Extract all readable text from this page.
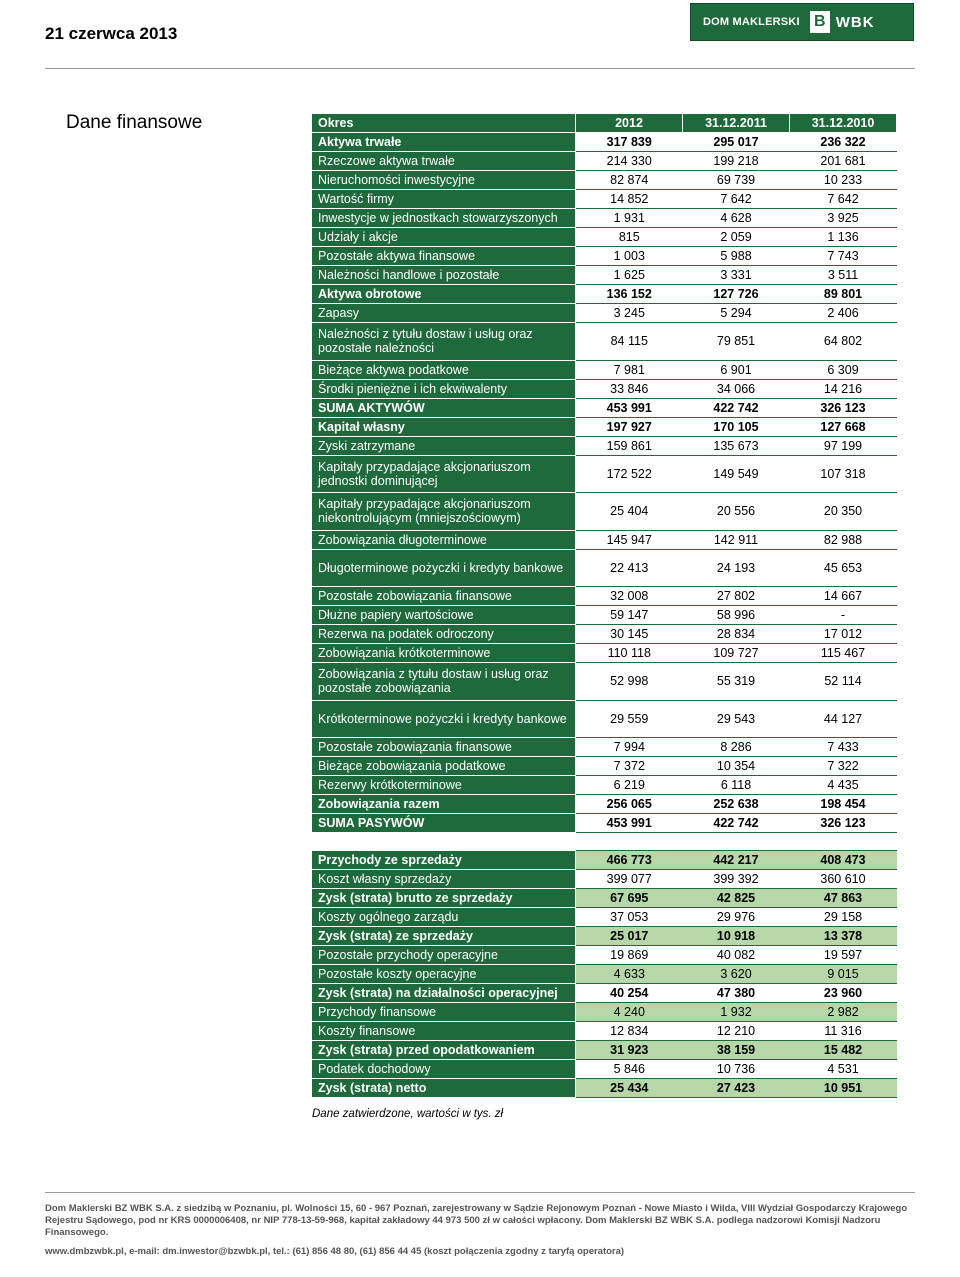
21 czerwca 2013
DOM MAKLERSKI B WBK
Dane finansowe	Okres	2012	31.12.2011	31.12.2010
Aktywa trwałe	317 839	295 017	236 322
Rzeczowe aktywa trwałe	214 330	199 218	201 681
Nieruchomości inwestycyjne	82 874	69 739	10 233
Wartość firmy	14 852	7 642	7 642
Inwestycje w jednostkach stowarzyszonych	1 931	4 628	3 925
Udziały i akcje	815	2 059	1 136
Pozostałe aktywa finansowe	1 003	5 988	7 743
Należności handlowe i pozostałe	1 625	3 331	3 511
Aktywa obrotowe	136 152	127 726	89 801
Zapasy	3 245	5 294	2 406
Należności z tytułu dostaw i usług oraz pozostałe należności	84 115	79 851	64 802
Bieżące aktywa podatkowe	7 981	6 901	6 309
Środki pieniężne i ich ekwiwalenty	33 846	34 066	14 216
SUMA AKTYWÓW	453 991	422 742	326 123
Kapitał własny	197 927	170 105	127 668
Zyski zatrzymane	159 861	135 673	97 199
Kapitały przypadające akcjonariuszom jednostki dominującej	172 522	149 549	107 318
Kapitały przypadające akcjonariuszom niekontrolującym (mniejszościowym)	25 404	20 556	20 350
Zobowiązania długoterminowe	145 947	142 911	82 988
Długoterminowe pożyczki i kredyty bankowe	22 413	24 193	45 653
Pozostałe zobowiązania finansowe	32 008	27 802	14 667
Dłużne papiery wartościowe	59 147	58 996	-
Rezerwa na podatek odroczony	30 145	28 834	17 012
Zobowiązania krótkoterminowe	110 118	109 727	115 467
Zobowiązania z tytułu dostaw i usług oraz pozostałe zobowiązania	52 998	55 319	52 114
Krótkoterminowe pożyczki i kredyty bankowe	29 559	29 543	44 127
Pozostałe zobowiązania finansowe	7 994	8 286	7 433
Bieżące zobowiązania podatkowe	7 372	10 354	7 322
Rezerwy krótkoterminowe	6 219	6 118	4 435
Zobowiązania razem	256 065	252 638	198 454
SUMA PASYWÓW	453 991	422 742	326 123
Przychody ze sprzedaży	466 773	442 217	408 473
Koszt własny sprzedaży	399 077	399 392	360 610
Zysk (strata) brutto ze sprzedaży	67 695	42 825	47 863
Koszty ogólnego zarządu	37 053	29 976	29 158
Zysk (strata) ze sprzedaży	25 017	10 918	13 378
Pozostałe przychody operacyjne	19 869	40 082	19 597
Pozostałe koszty operacyjne	4 633	3 620	9 015
Zysk (strata) na działalności operacyjnej	40 254	47 380	23 960
Przychody finansowe	4 240	1 932	2 982
Koszty finansowe	12 834	12 210	11 316
Zysk (strata) przed opodatkowaniem	31 923	38 159	15 482
Podatek dochodowy	5 846	10 736	4 531
Zysk (strata) netto	25 434	27 423	10 951
Dane zatwierdzone, wartości w tys. zł
Dom Maklerski BZ WBK S.A. z siedzibą w Poznaniu, pl. Wolności 15, 60 - 967 Poznań, zarejestrowany w Sądzie Rejonowym Poznań - Nowe Miasto i Wilda, VIII Wydział Gospodarczy Krajowego Rejestru Sądowego, pod nr KRS 0000006408, nr NIP 778-13-59-968, kapitał zakładowy 44 973 500 zł w całości wpłacony. Dom Maklerski BZ WBK S.A. podlega nadzorowi Komisji Nadzoru Finansowego.
www.dmbzwbk.pl, e-mail: dm.inwestor@bzwbk.pl, tel.: (61) 856 48 80, (61) 856 44 45 (koszt połączenia zgodny z taryfą operatora)
